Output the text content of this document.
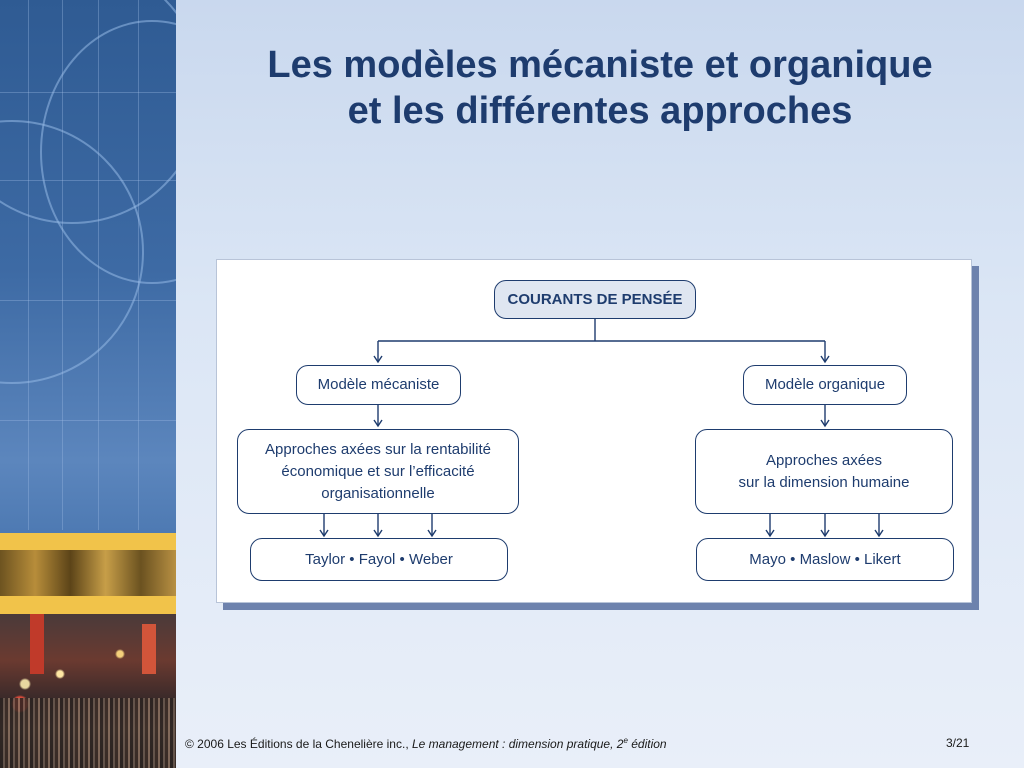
Les modèles mécaniste et organique
et les différentes approches
COURANTS DE PENSÉE
Modèle mécaniste	Modèle organique
Approches axées sur la rentabilité
économique et sur l’efficacité
organisationnelle
Approches axées
sur la dimension humaine
Taylor • Fayol • Weber	Mayo • Maslow • Likert
© 2006 Les Éditions de la Chenelière inc., Le management : dimension pratique, 2e édition	3/21
